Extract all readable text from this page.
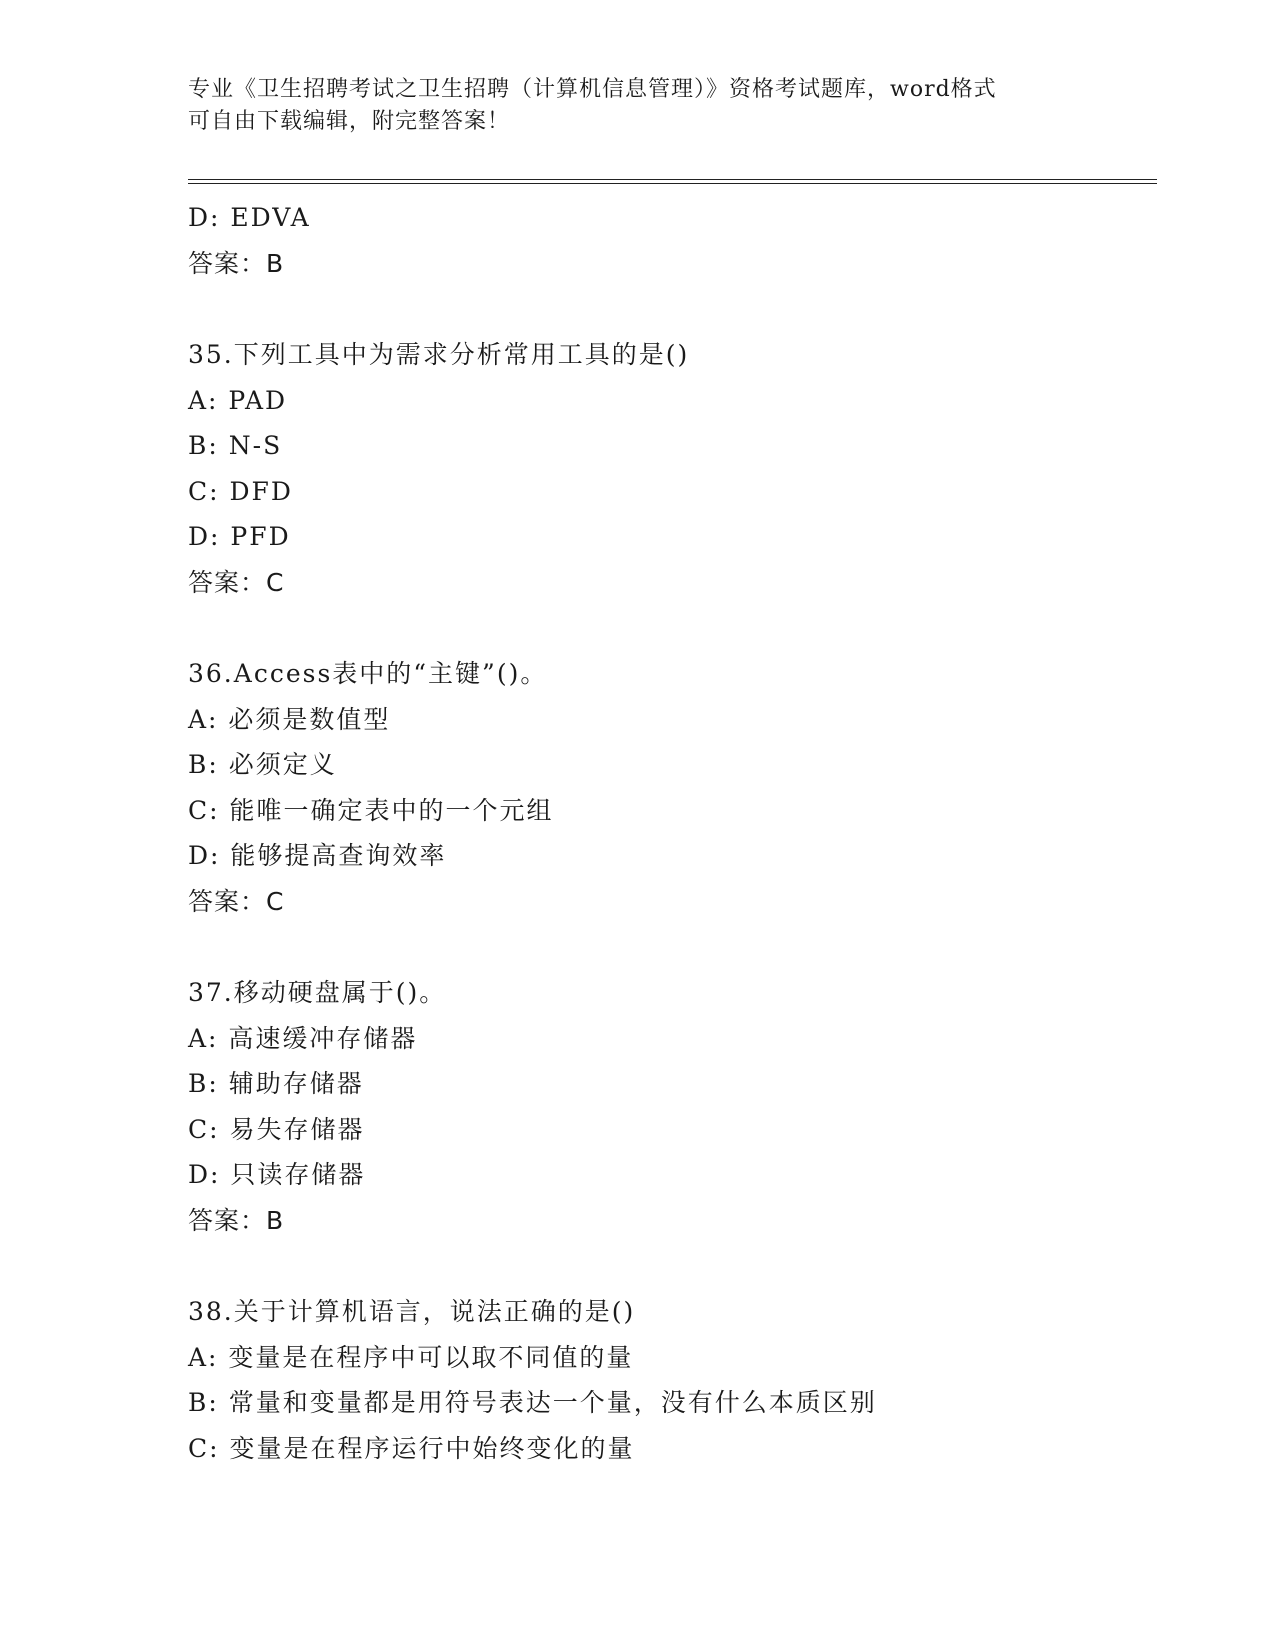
专业《卫生招聘考试之卫生招聘（计算机信息管理）》资格考试题库，word格式
可自由下载编辑，附完整答案！
D: EDVA
答案：B
35.下列工具中为需求分析常用工具的是()
A: PAD
B: N-S
C: DFD
D: PFD
答案：C
36.Access表中的“主键”()。
A: 必须是数值型
B: 必须定义
C: 能唯一确定表中的一个元组
D: 能够提高查询效率
答案：C
37.移动硬盘属于()。
A: 高速缓冲存储器
B: 辅助存储器
C: 易失存储器
D: 只读存储器
答案：B
38.关于计算机语言，说法正确的是()
A: 变量是在程序中可以取不同值的量
B: 常量和变量都是用符号表达一个量，没有什么本质区别
C: 变量是在程序运行中始终变化的量
